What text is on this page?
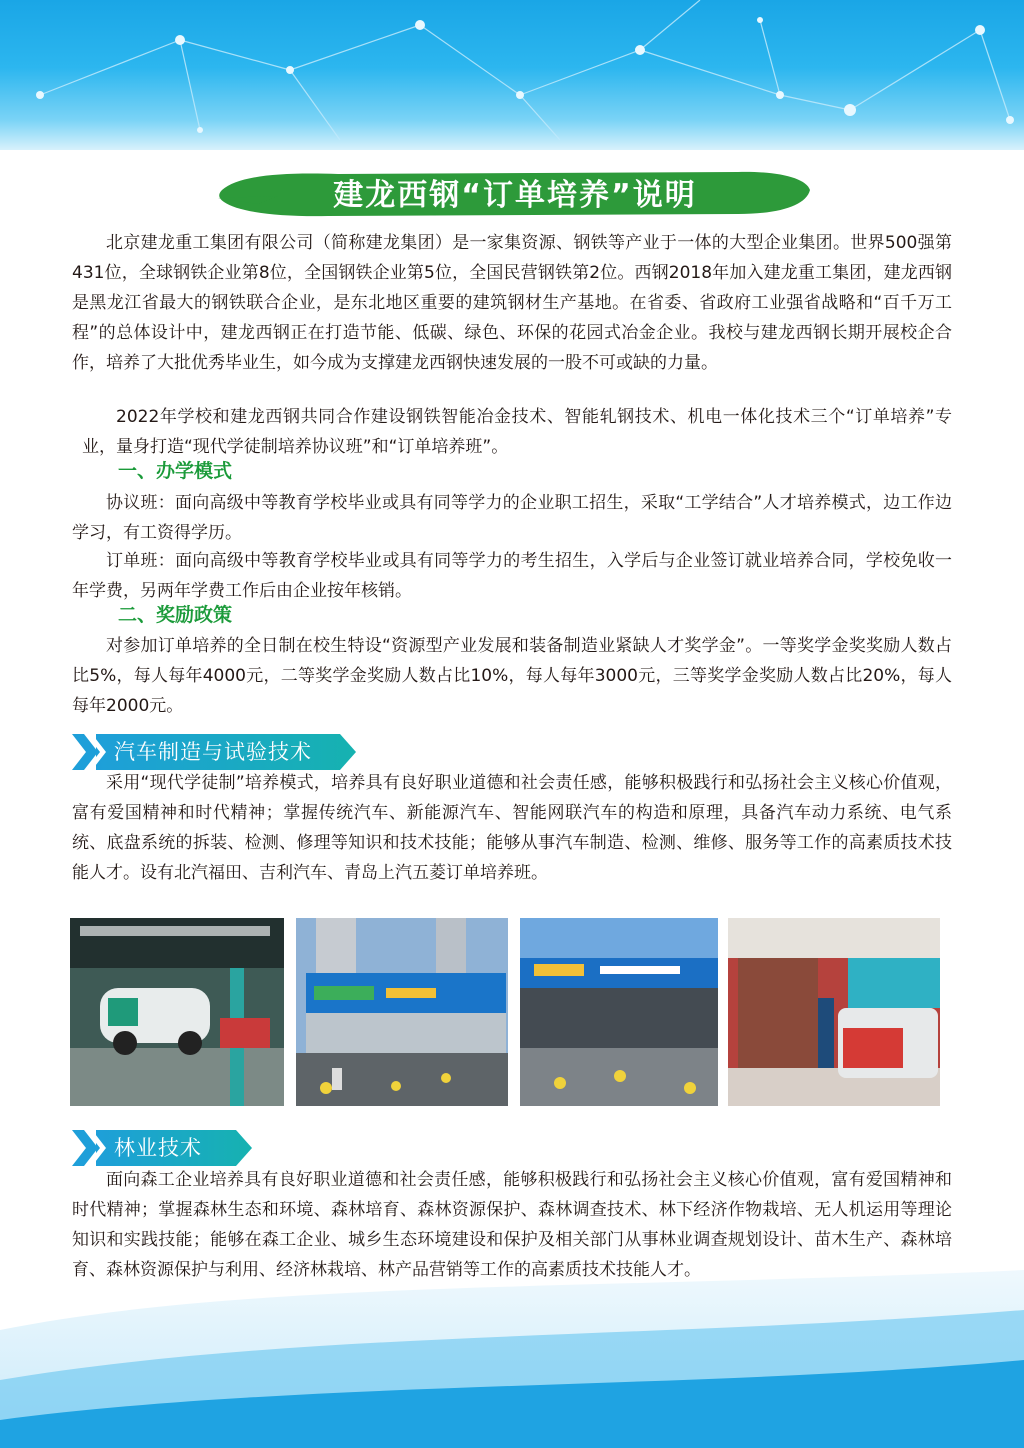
建龙西钢“订单培养”说明
北京建龙重工集团有限公司（简称建龙集团）是一家集资源、钢铁等产业于一体的大型企业集团。世界500强第431位，全球钢铁企业第8位，全国钢铁企业第5位，全国民营钢铁第2位。西钢2018年加入建龙重工集团，建龙西钢是黑龙江省最大的钢铁联合企业，是东北地区重要的建筑钢材生产基地。在省委、省政府工业强省战略和“百千万工程”的总体设计中，建龙西钢正在打造节能、低碳、绿色、环保的花园式冶金企业。我校与建龙西钢长期开展校企合作，培养了大批优秀毕业生，如今成为支撑建龙西钢快速发展的一股不可或缺的力量。
2022年学校和建龙西钢共同合作建设钢铁智能冶金技术、智能轧钢技术、机电一体化技术三个“订单培养”专业，量身打造“现代学徒制培养协议班”和“订单培养班”。
一、办学模式
协议班：面向高级中等教育学校毕业或具有同等学力的企业职工招生，采取“工学结合”人才培养模式，边工作边学习，有工资得学历。
订单班：面向高级中等教育学校毕业或具有同等学力的考生招生，入学后与企业签订就业培养合同，学校免收一年学费，另两年学费工作后由企业按年核销。
二、奖励政策
对参加订单培养的全日制在校生特设“资源型产业发展和装备制造业紧缺人才奖学金”。一等奖学金奖奖励人数占比5%，每人每年4000元，二等奖学金奖励人数占比10%，每人每年3000元，三等奖学金奖励人数占比20%，每人每年2000元。
汽车制造与试验技术
采用“现代学徒制”培养模式，培养具有良好职业道德和社会责任感，能够积极践行和弘扬社会主义核心价值观，富有爱国精神和时代精神；掌握传统汽车、新能源汽车、智能网联汽车的构造和原理，具备汽车动力系统、电气系统、底盘系统的拆装、检测、修理等知识和技术技能；能够从事汽车制造、检测、维修、服务等工作的高素质技术技能人才。设有北汽福田、吉利汽车、青岛上汽五菱订单培养班。
林业技术
面向森工企业培养具有良好职业道德和社会责任感，能够积极践行和弘扬社会主义核心价值观，富有爱国精神和时代精神；掌握森林生态和环境、森林培育、森林资源保护、森林调查技术、林下经济作物栽培、无人机运用等理论知识和实践技能；能够在森工企业、城乡生态环境建设和保护及相关部门从事林业调查规划设计、苗木生产、森林培育、森林资源保护与利用、经济林栽培、林产品营销等工作的高素质技术技能人才。
